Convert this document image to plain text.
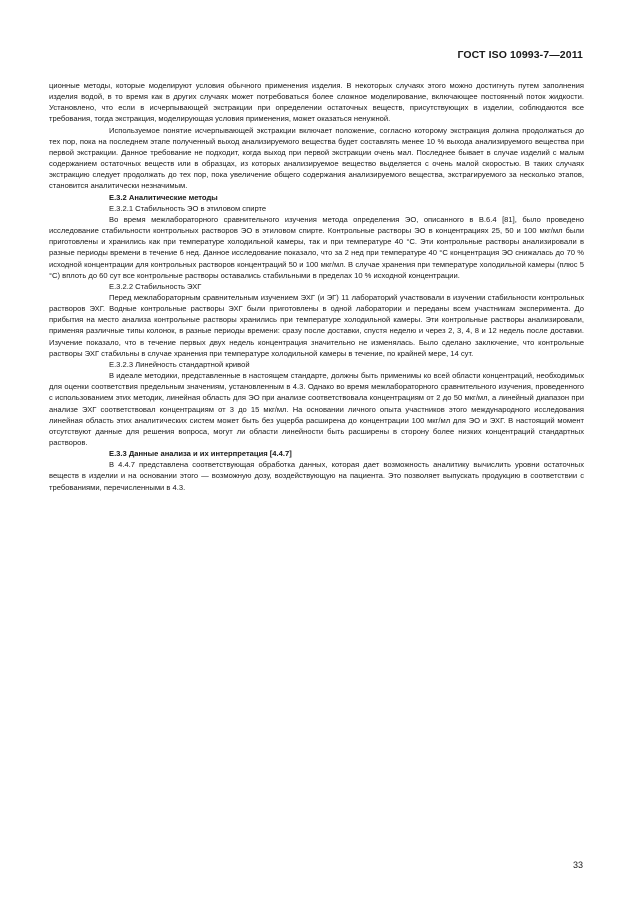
ГОСТ ISO 10993-7—2011

ционные методы, которые моделируют условия обычного применения изделия. В некоторых случаях этого можно достигнуть путем заполнения изделия водой, в то время как в других случаях может потребоваться более сложное моделирование, включающее постоянный поток жидкости. Установлено, что если в исчерпывающей экстракции при определении остаточных веществ, присутствующих в изделии, соблюдаются все требования, тогда экстракция, моделирующая условия применения, может оказаться ненужной.

Используемое понятие исчерпывающей экстракции включает положение, согласно которому экстракция должна продолжаться до тех пор, пока на последнем этапе полученный выход анализируемого вещества будет составлять менее 10 % выхода анализируемого вещества при первой экстракции. Данное требование не подходит, когда выход при первой экстракции очень мал. Последнее бывает в случае изделий с малым содержанием остаточных веществ или в образцах, из которых анализируемое вещество выделяется с очень малой скоростью. В таких случаях экстракцию следует продолжать до тех пор, пока увеличение общего содержания анализируемого вещества, экстрагируемого за несколько этапов, становится аналитически незначимым.

Е.3.2 Аналитические методы
Е.3.2.1 Стабильность ЭО в этиловом спирте

Во время межлабораторного сравнительного изучения метода определения ЭО, описанного в В.6.4 [81], было проведено исследование стабильности контрольных растворов ЭО в этиловом спирте. Контрольные растворы ЭО в концентрациях 25, 50 и 100 мкг/мл были приготовлены и хранились как при температуре холодильной камеры, так и при температуре 40 °С. Эти контрольные растворы анализировали в разные периоды времени в течение 6 нед. Данное исследование показало, что за 2 нед при температуре 40 °С концентрация ЭО снижалась до 70 % исходной концентрации для контрольных растворов концентраций 50 и 100 мкг/мл. В случае хранения при температуре холодильной камеры (плюс 5 °С) вплоть до 60 сут все контрольные растворы оставались стабильными в пределах 10 % исходной концентрации.

Е.3.2.2 Стабильность ЭХГ

Перед межлабораторным сравнительным изучением ЭХГ (и ЭГ) 11 лабораторий участвовали в изучении стабильности контрольных растворов ЭХГ. Водные контрольные растворы ЭХГ были приготовлены в одной лаборатории и переданы всем участникам эксперимента. До прибытия на место анализа контрольные растворы хранились при температуре холодильной камеры. Эти контрольные растворы анализировали, применяя различные типы колонок, в разные периоды времени: сразу после доставки, спустя неделю и через 2, 3, 4, 8 и 12 недель после доставки. Изучение показало, что в течение первых двух недель концентрация значительно не изменялась. Было сделано заключение, что контрольные растворы ЭХГ стабильны в случае хранения при температуре холодильной камеры в течение, по крайней мере, 14 сут.

Е.3.2.3 Линейность стандартной кривой

В идеале методики, представленные в настоящем стандарте, должны быть применимы ко всей области концентраций, необходимых для оценки соответствия предельным значениям, установленным в 4.3. Однако во время межлабораторного сравнительного изучения, проведенного с использованием этих методик, линейная область для ЭО при анализе соответствовала концентрациям от 2 до 50 мкг/мл, а линейный диапазон при анализе ЭХГ соответствовал концентрациям от 3 до 15 мкг/мл. На основании личного опыта участников этого международного исследования линейная область этих аналитических систем может быть без ущерба расширена до концентрации 100 мкг/мл для ЭО и ЭХГ. В настоящий момент отсутствуют данные для решения вопроса, могут ли области линейности быть расширены в сторону более низких концентраций стандартных растворов.

Е.3.3 Данные анализа и их интерпретация [4.4.7]

В 4.4.7 представлена соответствующая обработка данных, которая дает возможность аналитику вычислить уровни остаточных веществ в изделии и на основании этого — возможную дозу, воздействующую на пациента. Это позволяет выпускать продукцию в соответствии с требованиями, перечисленными в 4.3.

33
